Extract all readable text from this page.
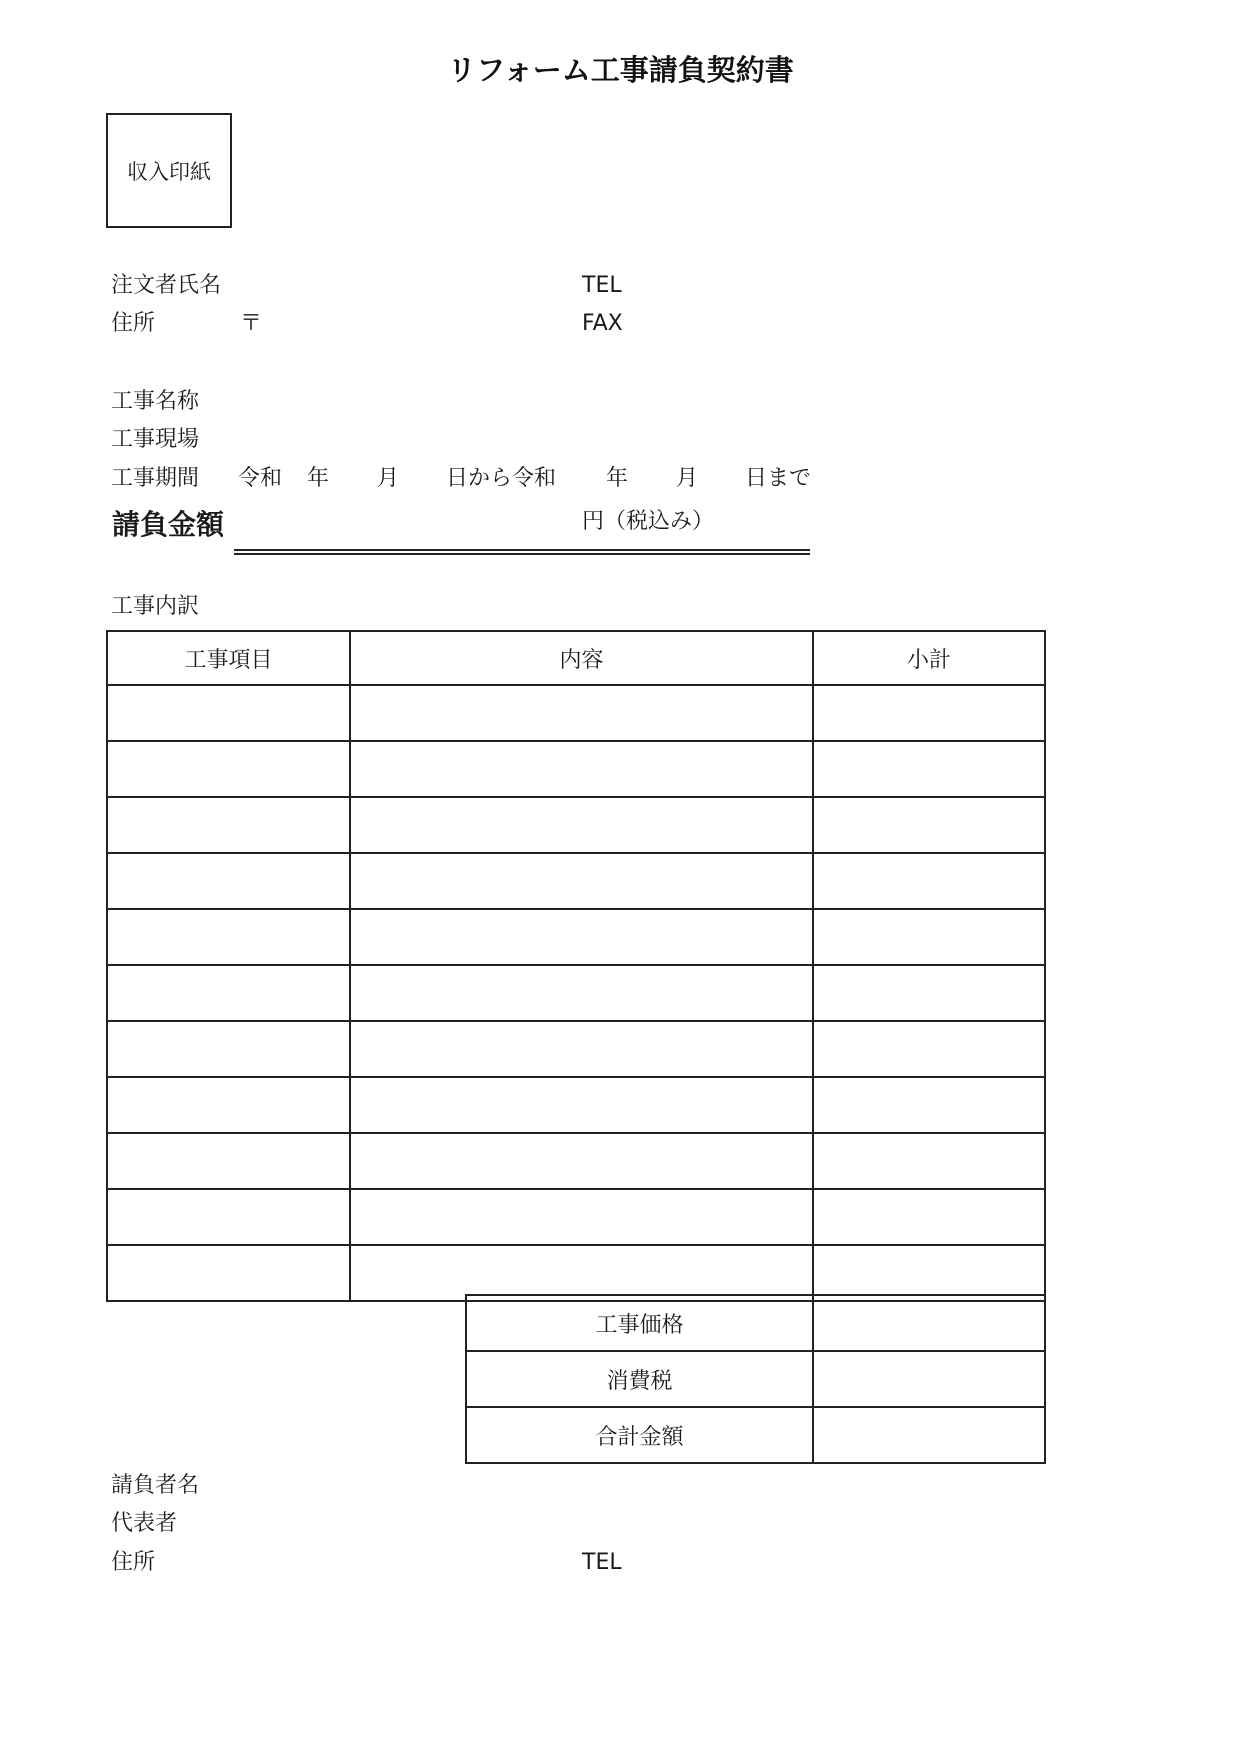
リフォーム工事請負契約書
収入印紙
注文者氏名	TEL
住所	〒	FAX
工事名称
工事現場
工事期間 令和 年 月 日から令和 年 月 日まで
請負金額	円（税込み）
工事内訳
工事項目	内容	小計

工事価格	
消費税	
合計金額	
請負者名
代表者
住所	TEL
